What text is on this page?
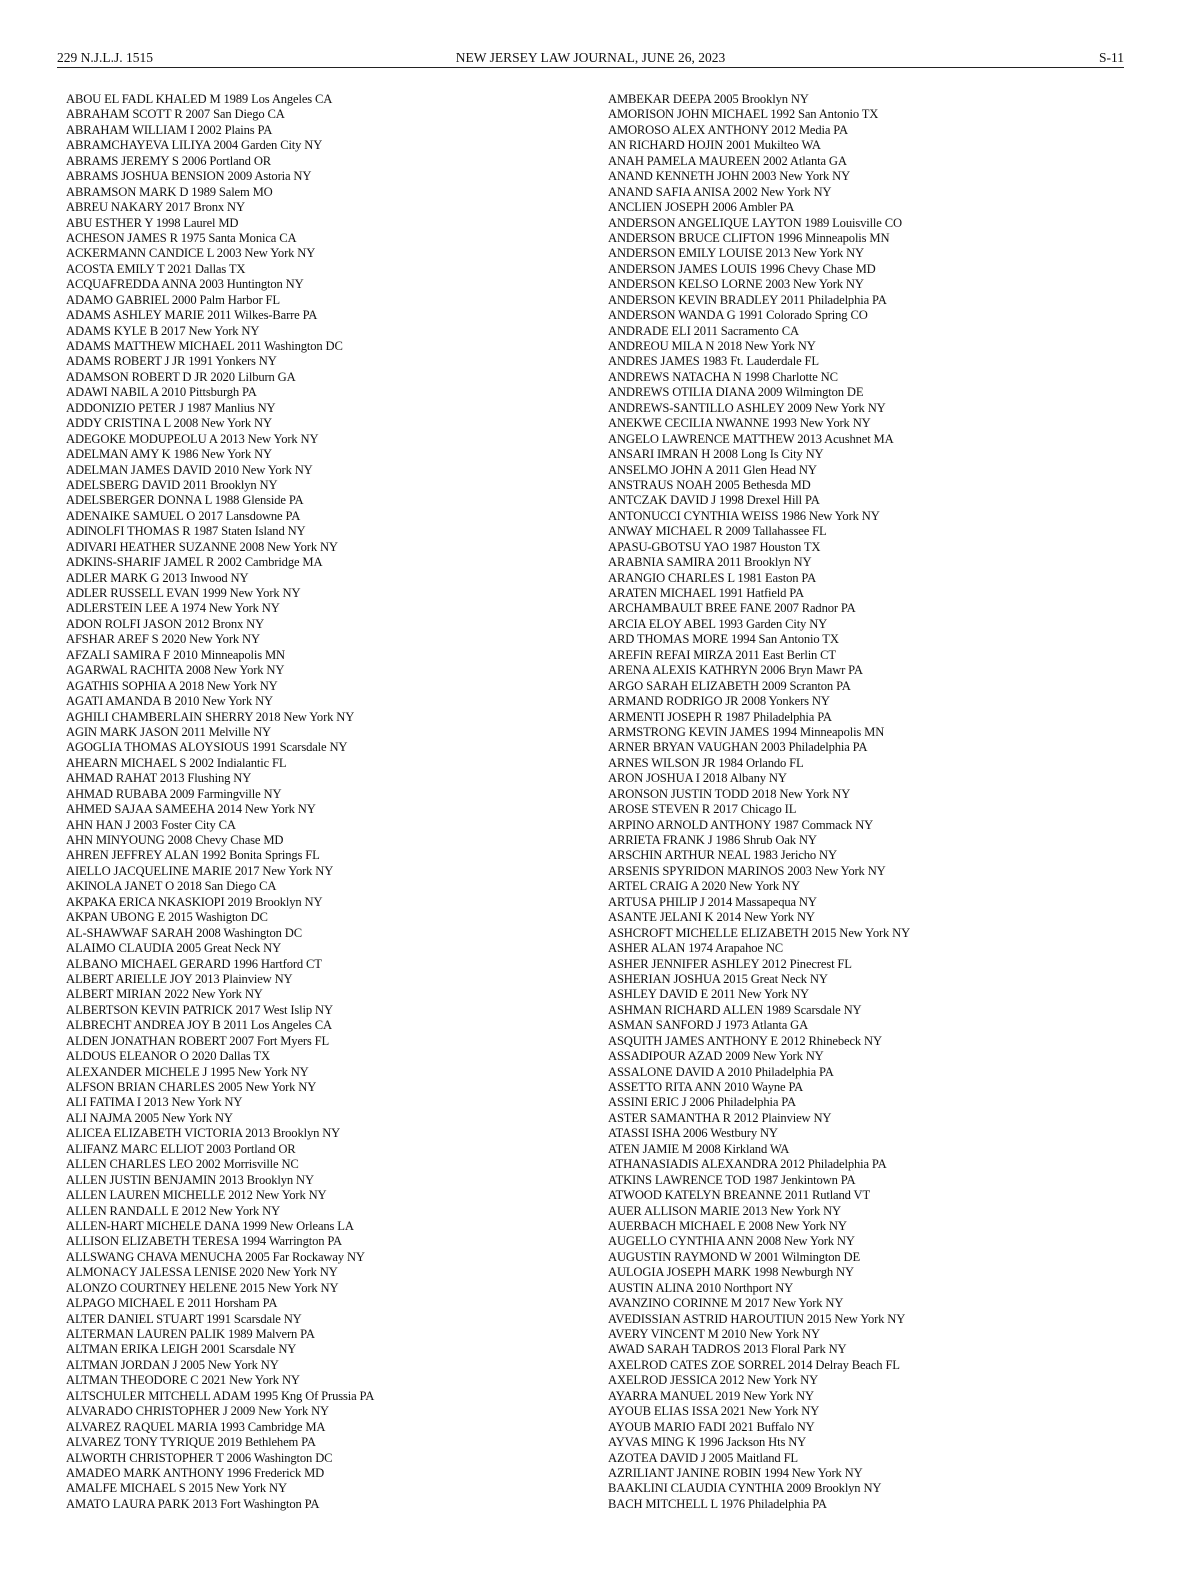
NEW JERSEY LAW JOURNAL, JUNE 26, 2023
229 N.J.L.J. 1515	S-11
ABOU EL FADL KHALED M 1989 Los Angeles CA
ABRAHAM SCOTT R 2007 San Diego CA
ABRAHAM WILLIAM I 2002 Plains PA
ABRAMCHAYEVA LILIYA 2004 Garden City NY
ABRAMS JEREMY S 2006 Portland OR
ABRAMS JOSHUA BENSION 2009 Astoria NY
ABRAMSON MARK D 1989 Salem MO
ABREU NAKARY 2017 Bronx NY
ABU ESTHER Y 1998 Laurel MD
ACHESON JAMES R 1975 Santa Monica CA
ACKERMANN CANDICE L 2003 New York NY
ACOSTA EMILY T 2021 Dallas TX
ACQUAFREDDA ANNA 2003 Huntington NY
ADAMO GABRIEL 2000 Palm Harbor FL
ADAMS ASHLEY MARIE 2011 Wilkes-Barre PA
ADAMS KYLE B 2017 New York NY
ADAMS MATTHEW MICHAEL 2011 Washington DC
ADAMS ROBERT J JR 1991 Yonkers NY
ADAMSON ROBERT D JR 2020 Lilburn GA
ADAWI NABIL A 2010 Pittsburgh PA
ADDONIZIO PETER J 1987 Manlius NY
ADDY CRISTINA L 2008 New York NY
ADEGOKE MODUPEOLU A 2013 New York NY
ADELMAN AMY K 1986 New York NY
ADELMAN JAMES DAVID 2010 New York NY
ADELSBERG DAVID 2011 Brooklyn NY
ADELSBERGER DONNA L 1988 Glenside PA
ADENAIKE SAMUEL O 2017 Lansdowne PA
ADINOLFI THOMAS R 1987 Staten Island NY
ADIVARI HEATHER SUZANNE 2008 New York NY
ADKINS-SHARIF JAMEL R 2002 Cambridge MA
ADLER MARK G 2013 Inwood NY
ADLER RUSSELL EVAN 1999 New York NY
ADLERSTEIN LEE A 1974 New York NY
ADON ROLFI JASON 2012 Bronx NY
AFSHAR AREF S 2020 New York NY
AFZALI SAMIRA F 2010 Minneapolis MN
AGARWAL RACHITA 2008 New York NY
AGATHIS SOPHIA A 2018 New York NY
AGATI AMANDA B 2010 New York NY
AGHILI CHAMBERLAIN SHERRY 2018 New York NY
AGIN MARK JASON 2011 Melville NY
AGOGLIA THOMAS ALOYSIOUS 1991 Scarsdale NY
AHEARN MICHAEL S 2002 Indialantic FL
AHMAD RAHAT 2013 Flushing NY
AHMAD RUBABA 2009 Farmingville NY
AHMED SAJAA SAMEEHA 2014 New York NY
AHN HAN J 2003 Foster City CA
AHN MINYOUNG 2008 Chevy Chase MD
AHREN JEFFREY ALAN 1992 Bonita Springs FL
AIELLO JACQUELINE MARIE 2017 New York NY
AKINOLA JANET O 2018 San Diego CA
AKPAKA ERICA NKASKIOPI 2019 Brooklyn NY
AKPAN UBONG E 2015 Washigton DC
AL-SHAWWAF SARAH 2008 Washington DC
ALAIMO CLAUDIA 2005 Great Neck NY
ALBANO MICHAEL GERARD 1996 Hartford CT
ALBERT ARIELLE JOY 2013 Plainview NY
ALBERT MIRIAN 2022 New York NY
ALBERTSON KEVIN PATRICK 2017 West Islip NY
ALBRECHT ANDREA JOY B 2011 Los Angeles CA
ALDEN JONATHAN ROBERT 2007 Fort Myers FL
ALDOUS ELEANOR O 2020 Dallas TX
ALEXANDER MICHELE J 1995 New York NY
ALFSON BRIAN CHARLES 2005 New York NY
ALI FATIMA I 2013 New York NY
ALI NAJMA 2005 New York NY
ALICEA ELIZABETH VICTORIA 2013 Brooklyn NY
ALIFANZ MARC ELLIOT 2003 Portland OR
ALLEN CHARLES LEO 2002 Morrisville NC
ALLEN JUSTIN BENJAMIN 2013 Brooklyn NY
ALLEN LAUREN MICHELLE 2012 New York NY
ALLEN RANDALL E 2012 New York NY
ALLEN-HART MICHELE DANA 1999 New Orleans LA
ALLISON ELIZABETH TERESA 1994 Warrington PA
ALLSWANG CHAVA MENUCHA 2005 Far Rockaway NY
ALMONACY JALESSA LENISE 2020 New York NY
ALONZO COURTNEY HELENE 2015 New York NY
ALPAGO MICHAEL E 2011 Horsham PA
ALTER DANIEL STUART 1991 Scarsdale NY
ALTERMAN LAUREN PALIK 1989 Malvern PA
ALTMAN ERIKA LEIGH 2001 Scarsdale NY
ALTMAN JORDAN J 2005 New York NY
ALTMAN THEODORE C 2021 New York NY
ALTSCHULER MITCHELL ADAM 1995 Kng Of Prussia PA
ALVARADO CHRISTOPHER J 2009 New York NY
ALVAREZ RAQUEL MARIA 1993 Cambridge MA
ALVAREZ TONY TYRIQUE 2019 Bethlehem PA
ALWORTH CHRISTOPHER T 2006 Washington DC
AMADEO MARK ANTHONY 1996 Frederick MD
AMALFE MICHAEL S 2015 New York NY
AMATO LAURA PARK 2013 Fort Washington PA
AMBEKAR DEEPA 2005 Brooklyn NY
AMORISON JOHN MICHAEL 1992 San Antonio TX
AMOROSO ALEX ANTHONY 2012 Media PA
AN RICHARD HOJIN 2001 Mukilteo WA
ANAH PAMELA MAUREEN 2002 Atlanta GA
ANAND KENNETH JOHN 2003 New York NY
ANAND SAFIA ANISA 2002 New York NY
ANCLIEN JOSEPH 2006 Ambler PA
ANDERSON ANGELIQUE LAYTON 1989 Louisville CO
ANDERSON BRUCE CLIFTON 1996 Minneapolis MN
ANDERSON EMILY LOUISE 2013 New York NY
ANDERSON JAMES LOUIS 1996 Chevy Chase MD
ANDERSON KELSO LORNE 2003 New York NY
ANDERSON KEVIN BRADLEY 2011 Philadelphia PA
ANDERSON WANDA G 1991 Colorado Spring CO
ANDRADE ELI 2011 Sacramento CA
ANDREOU MILA N 2018 New York NY
ANDRES JAMES 1983 Ft. Lauderdale FL
ANDREWS NATACHA N 1998 Charlotte NC
ANDREWS OTILIA DIANA 2009 Wilmington DE
ANDREWS-SANTILLO ASHLEY 2009 New York NY
ANEKWE CECILIA NWANNE 1993 New York NY
ANGELO LAWRENCE MATTHEW 2013 Acushnet MA
ANSARI IMRAN H 2008 Long Is City NY
ANSELMO JOHN A 2011 Glen Head NY
ANSTRAUS NOAH 2005 Bethesda MD
ANTCZAK DAVID J 1998 Drexel Hill PA
ANTONUCCI CYNTHIA WEISS 1986 New York NY
ANWAY MICHAEL R 2009 Tallahassee FL
APASU-GBOTSU YAO 1987 Houston TX
ARABNIA SAMIRA 2011 Brooklyn NY
ARANGIO CHARLES L 1981 Easton PA
ARATEN MICHAEL 1991 Hatfield PA
ARCHAMBAULT BREE FANE 2007 Radnor PA
ARCIA ELOY ABEL 1993 Garden City NY
ARD THOMAS MORE 1994 San Antonio TX
AREFIN REFAI MIRZA 2011 East Berlin CT
ARENA ALEXIS KATHRYN 2006 Bryn Mawr PA
ARGO SARAH ELIZABETH 2009 Scranton PA
ARMAND RODRIGO JR 2008 Yonkers NY
ARMENTI JOSEPH R 1987 Philadelphia PA
ARMSTRONG KEVIN JAMES 1994 Minneapolis MN
ARNER BRYAN VAUGHAN 2003 Philadelphia PA
ARNES WILSON JR 1984 Orlando FL
ARON JOSHUA I 2018 Albany NY
ARONSON JUSTIN TODD 2018 New York NY
AROSE STEVEN R 2017 Chicago IL
ARPINO ARNOLD ANTHONY 1987 Commack NY
ARRIETA FRANK J 1986 Shrub Oak NY
ARSCHIN ARTHUR NEAL 1983 Jericho NY
ARSENIS SPYRIDON MARINOS 2003 New York NY
ARTEL CRAIG A 2020 New York NY
ARTUSA PHILIP J 2014 Massapequa NY
ASANTE JELANI K 2014 New York NY
ASHCROFT MICHELLE ELIZABETH 2015 New York NY
ASHER ALAN 1974 Arapahoe NC
ASHER JENNIFER ASHLEY 2012 Pinecrest FL
ASHERIAN JOSHUA 2015 Great Neck NY
ASHLEY DAVID E 2011 New York NY
ASHMAN RICHARD ALLEN 1989 Scarsdale NY
ASMAN SANFORD J 1973 Atlanta GA
ASQUITH JAMES ANTHONY E 2012 Rhinebeck NY
ASSADIPOUR AZAD 2009 New York NY
ASSALONE DAVID A 2010 Philadelphia PA
ASSETTO RITA ANN 2010 Wayne PA
ASSINI ERIC J 2006 Philadelphia PA
ASTER SAMANTHA R 2012 Plainview NY
ATASSI ISHA 2006 Westbury NY
ATEN JAMIE M 2008 Kirkland WA
ATHANASIADIS ALEXANDRA 2012 Philadelphia PA
ATKINS LAWRENCE TOD 1987 Jenkintown PA
ATWOOD KATELYN BREANNE 2011 Rutland VT
AUER ALLISON MARIE 2013 New York NY
AUERBACH MICHAEL E 2008 New York NY
AUGELLO CYNTHIA ANN 2008 New York NY
AUGUSTIN RAYMOND W 2001 Wilmington DE
AULOGIA JOSEPH MARK 1998 Newburgh NY
AUSTIN ALINA 2010 Northport NY
AVANZINO CORINNE M 2017 New York NY
AVEDISSIAN ASTRID HAROUTIUN 2015 New York NY
AVERY VINCENT M 2010 New York NY
AWAD SARAH TADROS 2013 Floral Park NY
AXELROD CATES ZOE SORREL 2014 Delray Beach FL
AXELROD JESSICA 2012 New York NY
AYARRA MANUEL 2019 New York NY
AYOUB ELIAS ISSA 2021 New York NY
AYOUB MARIO FADI 2021 Buffalo NY
AYVAS MING K 1996 Jackson Hts NY
AZOTEA DAVID J 2005 Maitland FL
AZRILIANT JANINE ROBIN 1994 New York NY
BAAKLINI CLAUDIA CYNTHIA 2009 Brooklyn NY
BACH MITCHELL L 1976 Philadelphia PA
